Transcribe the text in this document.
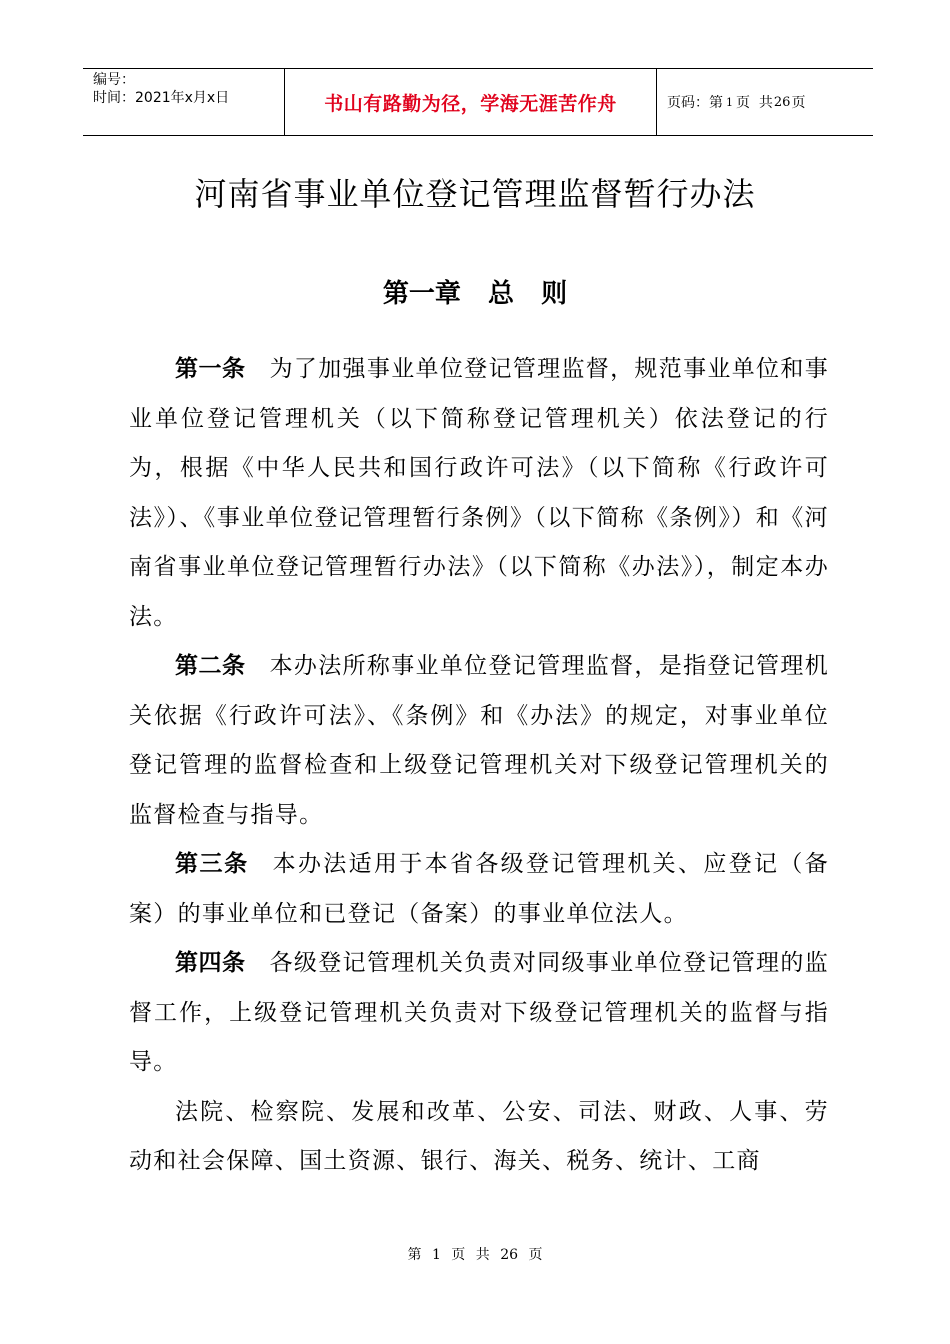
编号：
时间：2021年x月x日	书山有路勤为径，学海无涯苦作舟	页码：第 1 页  共 26 页
河南省事业单位登记管理监督暂行办法
第一章   总   则

第一条 为了加强事业单位登记管理监督，规范事业单位和事业单位登记管理机关（以下简称登记管理机关）依法登记的行为，根据《中华人民共和国行政许可法》（以下简称《行政许可法》）、《事业单位登记管理暂行条例》（以下简称《条例》）和《河南省事业单位登记管理暂行办法》（以下简称《办法》），制定本办法。

第二条 本办法所称事业单位登记管理监督，是指登记管理机关依据《行政许可法》、《条例》和《办法》的规定，对事业单位登记管理的监督检查和上级登记管理机关对下级登记管理机关的监督检查与指导。

第三条 本办法适用于本省各级登记管理机关、应登记（备案）的事业单位和已登记（备案）的事业单位法人。

第四条 各级登记管理机关负责对同级事业单位登记管理的监督工作，上级登记管理机关负责对下级登记管理机关的监督与指导。

法院、检察院、发展和改革、公安、司法、财政、人事、劳动和社会保障、国土资源、银行、海关、税务、统计、工商

第 1 页 共 26 页
